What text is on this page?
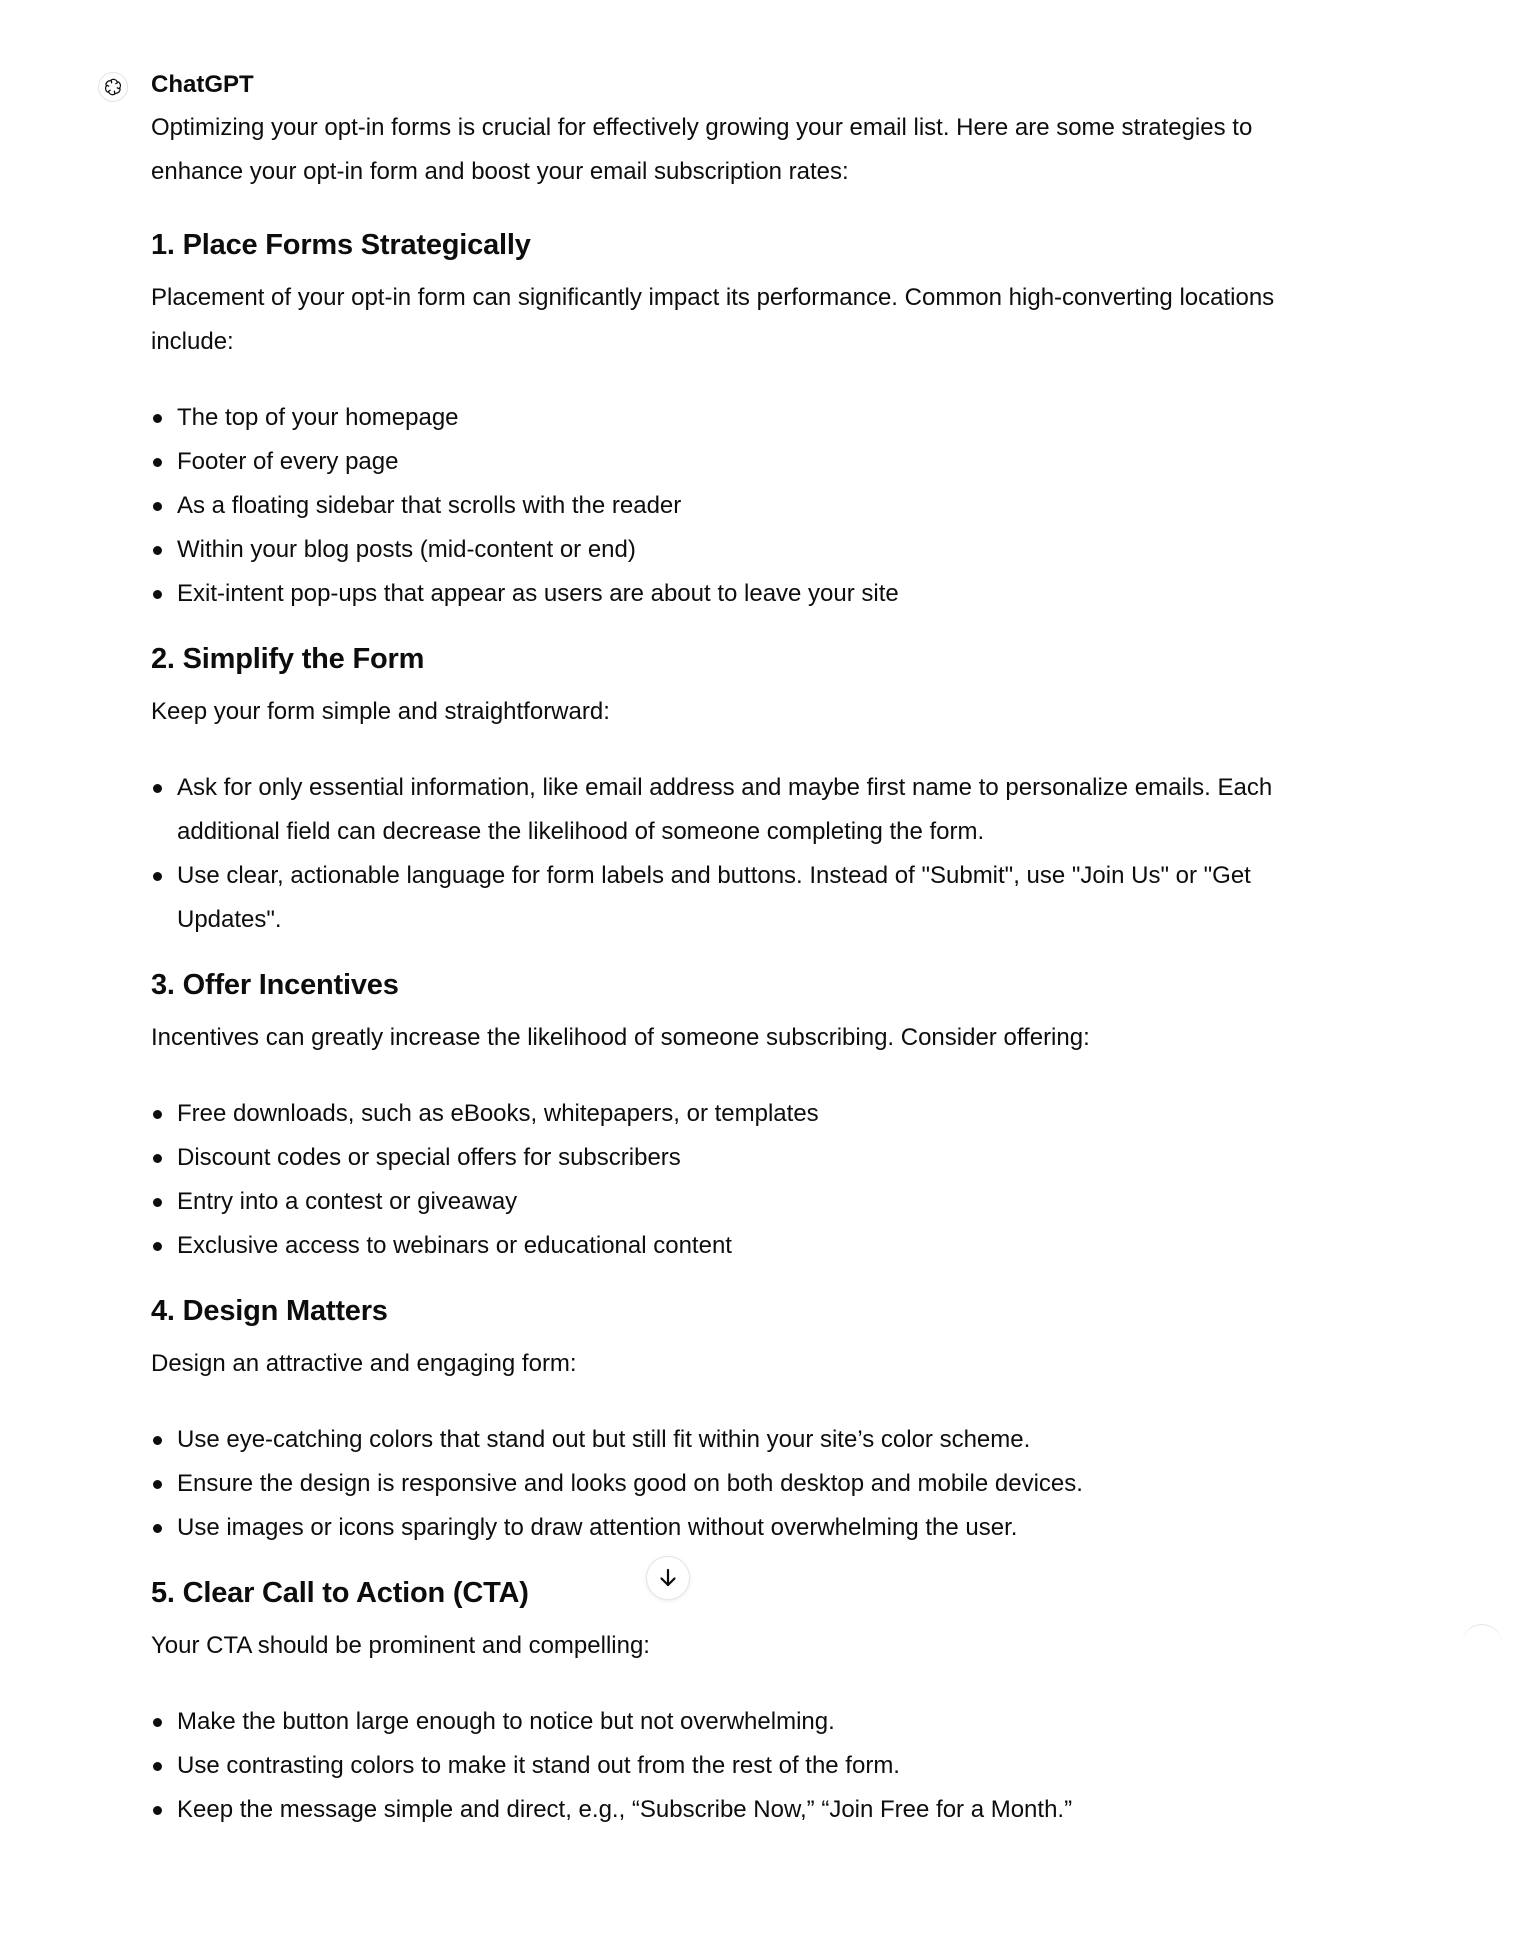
ChatGPT

Optimizing your opt-in forms is crucial for effectively growing your email list. Here are some strategies to enhance your opt-in form and boost your email subscription rates:

1. Place Forms Strategically

Placement of your opt-in form can significantly impact its performance. Common high-converting locations include:

The top of your homepage
Footer of every page
As a floating sidebar that scrolls with the reader
Within your blog posts (mid-content or end)
Exit-intent pop-ups that appear as users are about to leave your site
2. Simplify the Form

Keep your form simple and straightforward:

Ask for only essential information, like email address and maybe first name to personalize emails. Each additional field can decrease the likelihood of someone completing the form.
Use clear, actionable language for form labels and buttons. Instead of "Submit", use "Join Us" or "Get Updates".
3. Offer Incentives

Incentives can greatly increase the likelihood of someone subscribing. Consider offering:

Free downloads, such as eBooks, whitepapers, or templates
Discount codes or special offers for subscribers
Entry into a contest or giveaway
Exclusive access to webinars or educational content
4. Design Matters

Design an attractive and engaging form:

Use eye-catching colors that stand out but still fit within your site’s color scheme.
Ensure the design is responsive and looks good on both desktop and mobile devices.
Use images or icons sparingly to draw attention without overwhelming the user.
5. Clear Call to Action (CTA)

Your CTA should be prominent and compelling:

Make the button large enough to notice but not overwhelming.
Use contrasting colors to make it stand out from the rest of the form.
Keep the message simple and direct, e.g., “Subscribe Now,” “Join Free for a Month.”
